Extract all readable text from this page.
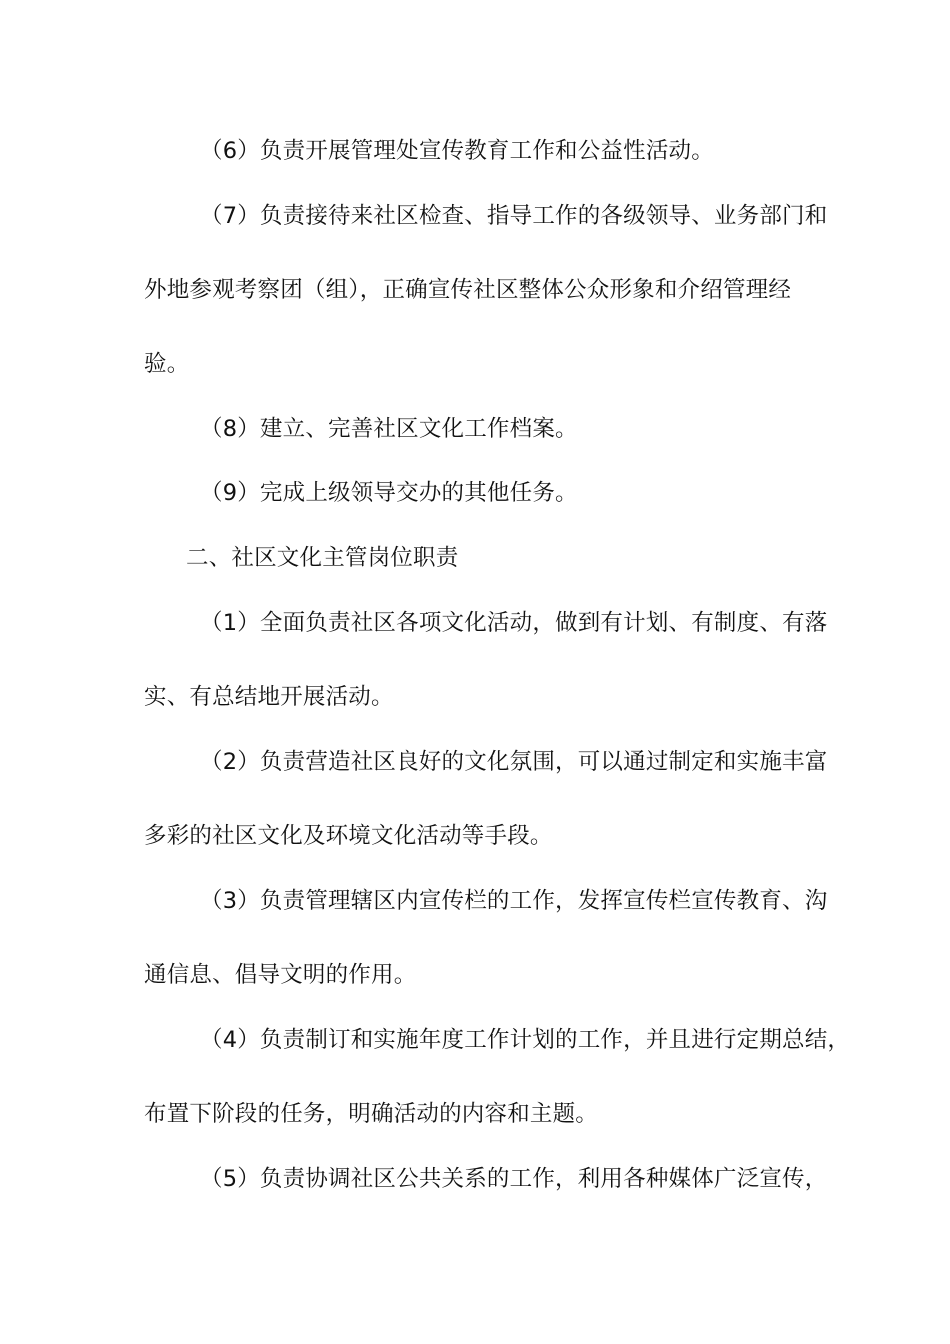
（6）负责开展管理处宣传教育工作和公益性活动。
（7）负责接待来社区检查、指导工作的各级领导、业务部门和
外地参观考察团（组），正确宣传社区整体公众形象和介绍管理经
验。
（8）建立、完善社区文化工作档案。
（9）完成上级领导交办的其他任务。
二、社区文化主管岗位职责
（1）全面负责社区各项文化活动，做到有计划、有制度、有落
实、有总结地开展活动。
（2）负责营造社区良好的文化氛围，可以通过制定和实施丰富
多彩的社区文化及环境文化活动等手段。
（3）负责管理辖区内宣传栏的工作，发挥宣传栏宣传教育、沟
通信息、倡导文明的作用。
（4）负责制订和实施年度工作计划的工作，并且进行定期总结，
布置下阶段的任务，明确活动的内容和主题。
（5）负责协调社区公共关系的工作，利用各种媒体广泛宣传，
